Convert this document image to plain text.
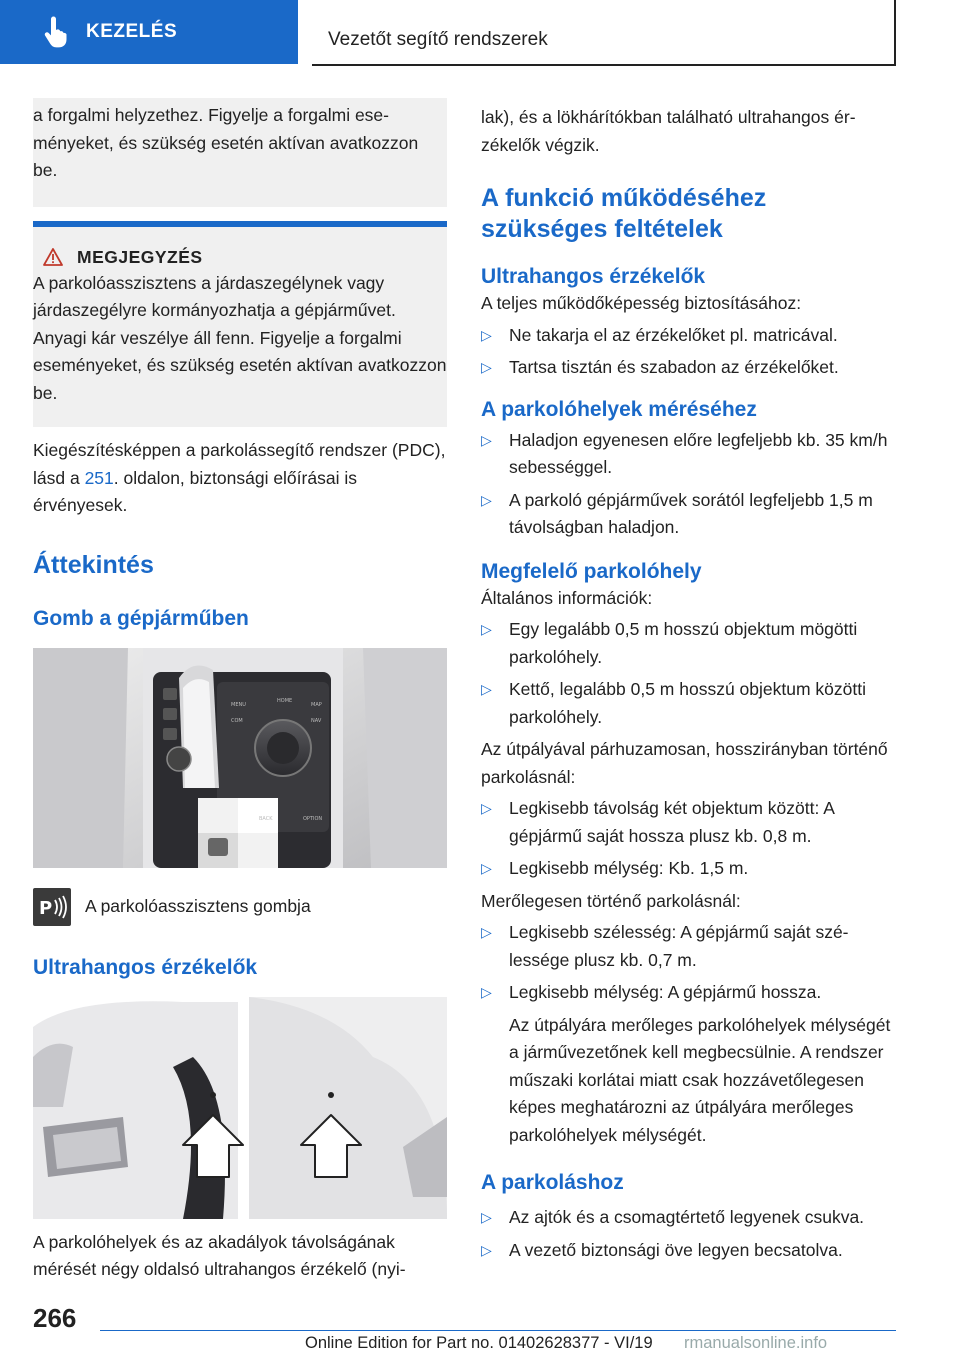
KEZELÉS	Vezetőt segítő rendszerek

a forgalmi helyzethez. Figyelje a forgalmi eseményeket, és szükség esetén aktívan avatkozzon be.

MEGJEGYZÉS

A parkolóasszisztens a járdaszegélynek vagy járdaszegélyre kormányozhatja a gépjárművet. Anyagi kár veszélye áll fenn. Figyelje a forgalmi eseményeket, és szükség esetén aktívan avatkozzon be.

Kiegészítésképpen a parkolássegítő rendszer (PDC), lásd a 251. oldalon, biztonsági előírásai is érvényesek.

Áttekintés
Gomb a gépjárműben
MENU
HOME
MAP
COM	NAV
BACK	OPTION
P A parkolóasszisztens gombja
Ultrahangos érzékelők

A parkolóhelyek és az akadályok távolságának mérését négy oldalsó ultrahangos érzékelő (nyi-

lak), és a lökhárítókban található ultrahangos érzékelők végzik.

A funkció működéséhez szükséges feltételek
Ultrahangos érzékelők

A teljes működőképesség biztosításához:

▷ Ne takarja el az érzékelőket pl. matricával.
▷ Tartsa tisztán és szabadon az érzékelőket.
A parkolóhelyek méréséhez
▷ Haladjon egyenesen előre legfeljebb kb. 35 km/h sebességgel.
▷ A parkoló gépjárművek sorától legfeljebb 1,5 m távolságban haladjon.
Megfelelő parkolóhely

Általános információk:

▷ Egy legalább 0,5 m hosszú objektum mögötti parkolóhely.
▷ Kettő, legalább 0,5 m hosszú objektum közötti parkolóhely.

Az útpályával párhuzamosan, hosszirányban történő parkolásnál:

▷ Legkisebb távolság két objektum között: A gépjármű saját hossza plusz kb. 0,8 m.
▷ Legkisebb mélység: Kb. 1,5 m.

Merőlegesen történő parkolásnál:

▷ Legkisebb szélesség: A gépjármű saját szélessége plusz kb. 0,7 m.
▷ Legkisebb mélység: A gépjármű hossza.

Az útpályára merőleges parkolóhelyek mélységét a járművezetőnek kell megbecsülnie. A rendszer műszaki korlátai miatt csak hozzávetőlegesen képes meghatározni az útpályára merőleges parkolóhelyek mélységét.

A parkoláshoz
▷ Az ajtók és a csomagtértető legyenek csukva.
▷ A vezető biztonsági öve legyen becsatolva.
266
Online Edition for Part no. 01402628377 - VI/19 rmanualsonline.info
